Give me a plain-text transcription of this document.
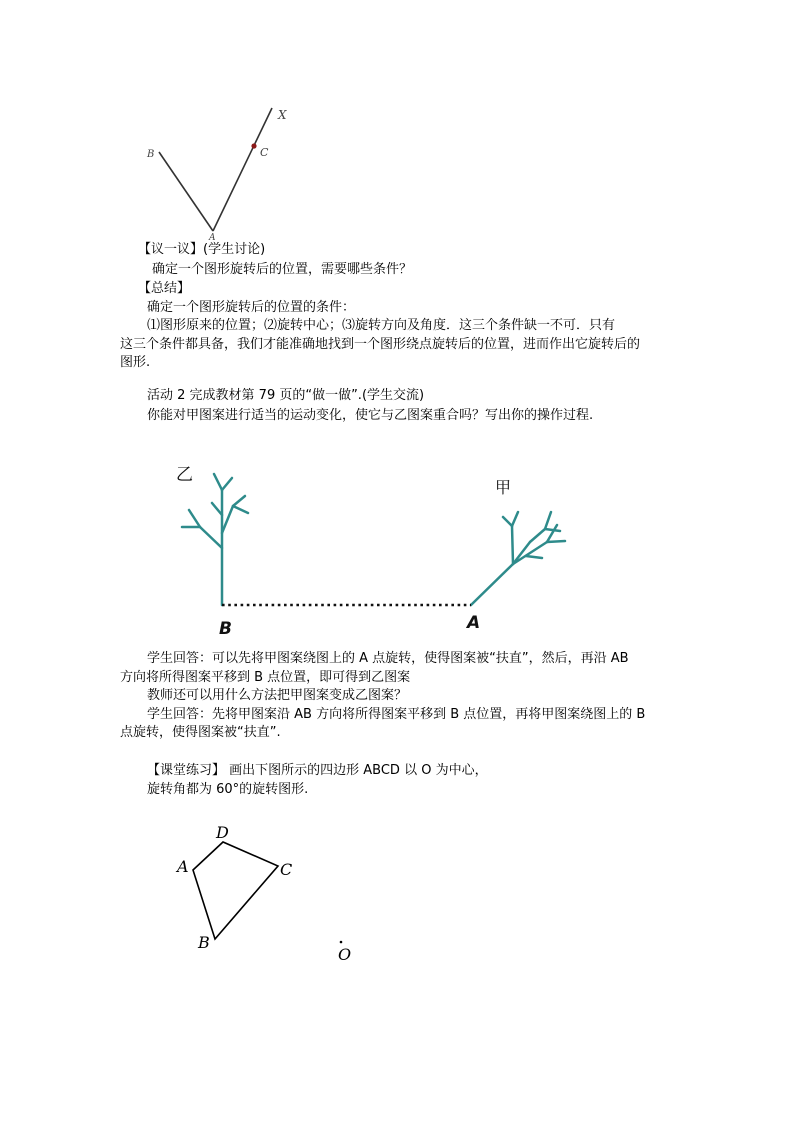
X
B	C
A
【议一议】(学生讨论)
确定一个图形旋转后的位置，需要哪些条件？
【总结】
确定一个图形旋转后的位置的条件：
⑴图形原来的位置；⑵旋转中心；⑶旋转方向及角度．这三个条件缺一不可．只有
这三个条件都具备，我们才能准确地找到一个图形绕点旋转后的位置，进而作出它旋转后的
图形.
活动 2 完成教材第 79 页的“做一做”.(学生交流)
你能对甲图案进行适当的运动变化，使它与乙图案重合吗？写出你的操作过程.
乙
甲
B	A
学生回答：可以先将甲图案绕图上的 A 点旋转，使得图案被“扶直”，然后，再沿 AB
方向将所得图案平移到 B 点位置，即可得到乙图案
教师还可以用什么方法把甲图案变成乙图案？
学生回答：先将甲图案沿 AB 方向将所得图案平移到 B 点位置，再将甲图案绕图上的 B
点旋转，使得图案被“扶直”.
【课堂练习】 画出下图所示的四边形 ABCD 以 O 为中心，
旋转角都为 60°的旋转图形.
D
A	C
B
O
